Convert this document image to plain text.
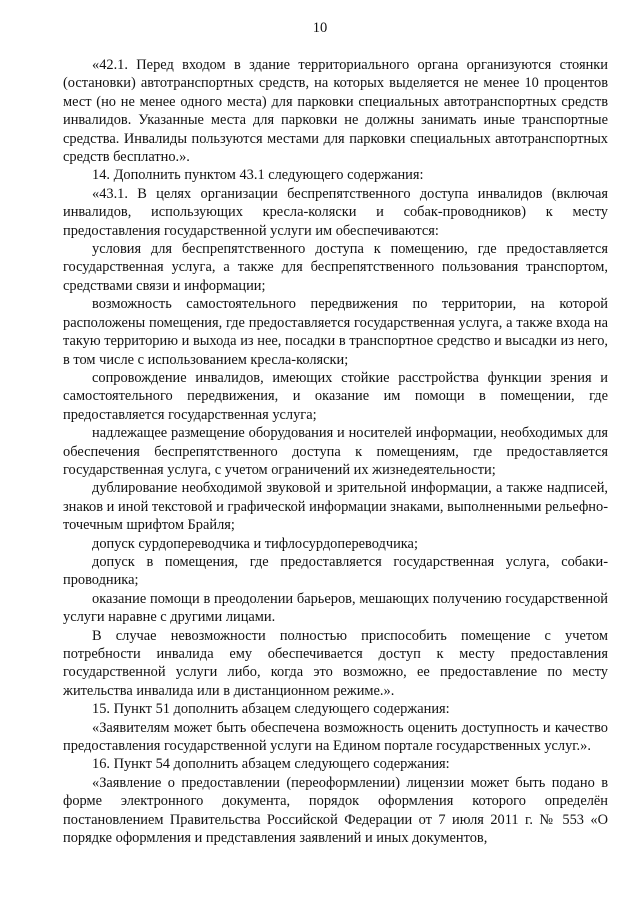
10

«42.1. Перед входом в здание территориального органа организуются стоянки (остановки) автотранспортных средств, на которых выделяется не менее 10 процентов мест (но не менее одного места) для парковки специальных автотранспортных средств инвалидов. Указанные места для парковки не должны занимать иные транспортные средства. Инвалиды пользуются местами для парковки специальных автотранспортных средств бесплатно.».

14. Дополнить пунктом 43.1 следующего содержания:

«43.1. В целях организации беспрепятственного доступа инвалидов (включая инвалидов, использующих кресла-коляски и собак-проводников) к месту предоставления государственной услуги им обеспечиваются:

условия для беспрепятственного доступа к помещению, где предоставляется государственная услуга, а также для беспрепятственного пользования транспортом, средствами связи и информации;

возможность самостоятельного передвижения по территории, на которой расположены помещения, где предоставляется государственная услуга, а также входа на такую территорию и выхода из нее, посадки в транспортное средство и высадки из него, в том числе с использованием кресла-коляски;

сопровождение инвалидов, имеющих стойкие расстройства функции зрения и самостоятельного передвижения, и оказание им помощи в помещении, где предоставляется государственная услуга;

надлежащее размещение оборудования и носителей информации, необходимых для обеспечения беспрепятственного доступа к помещениям, где предоставляется государственная услуга, с учетом ограничений их жизнедеятельности;

дублирование необходимой звуковой и зрительной информации, а также надписей, знаков и иной текстовой и графической информации знаками, выполненными рельефно-точечным шрифтом Брайля;

допуск сурдопереводчика и тифлосурдопереводчика;

допуск в помещения, где предоставляется государственная услуга, собаки-проводника;

оказание помощи в преодолении барьеров, мешающих получению государственной услуги наравне с другими лицами.

В случае невозможности полностью приспособить помещение с учетом потребности инвалида ему обеспечивается доступ к месту предоставления государственной услуги либо, когда это возможно, ее предоставление по месту жительства инвалида или в дистанционном режиме.».

15. Пункт 51 дополнить абзацем следующего содержания:

«Заявителям может быть обеспечена возможность оценить доступность и качество предоставления государственной услуги на Едином портале государственных услуг.».

16. Пункт 54 дополнить абзацем следующего содержания:

«Заявление о предоставлении (переоформлении) лицензии может быть подано в форме электронного документа, порядок оформления которого определён постановлением Правительства Российской Федерации от 7 июля 2011 г. № 553 «О порядке оформления и представления заявлений и иных документов,
